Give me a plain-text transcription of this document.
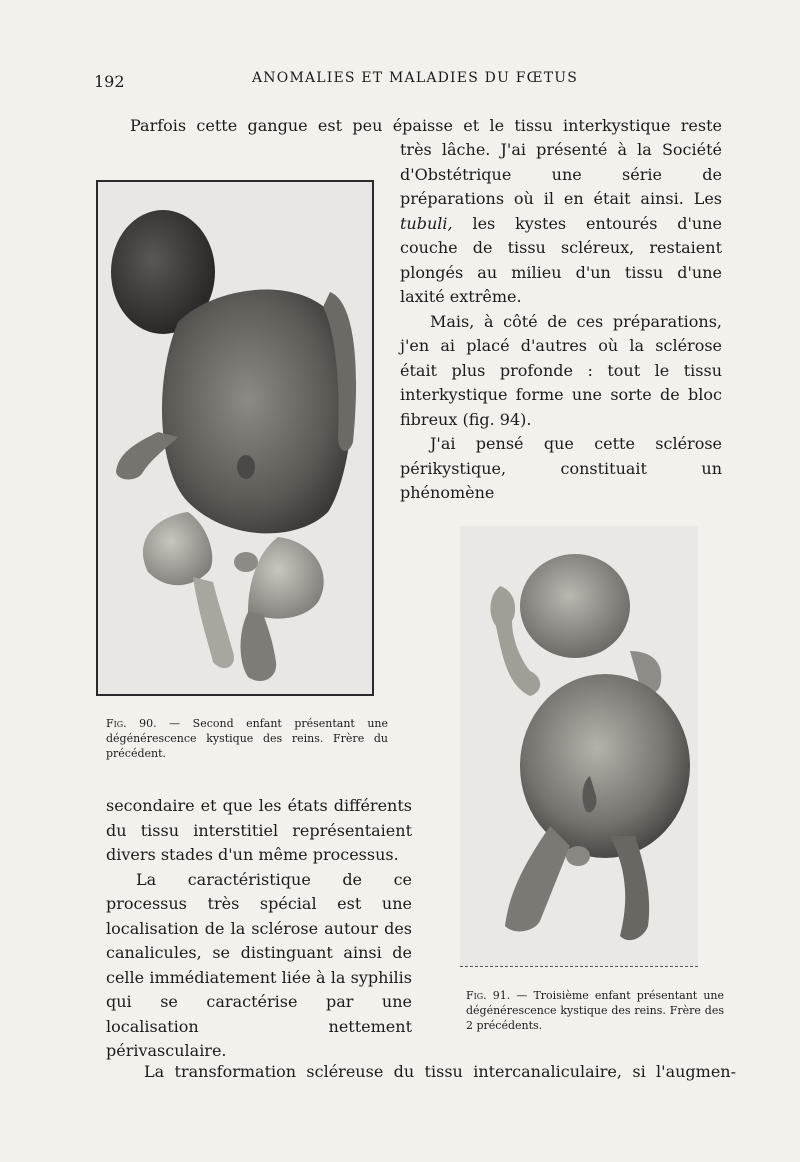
192	ANOMALIES ET MALADIES DU FŒTUS
Parfois cette gangue est peu épaisse et le tissu interkystique reste

très lâche. J'ai présenté à la Société d'Obstétrique une série de préparations où il en était ainsi. Les tubuli, les kystes entourés d'une couche de tissu scléreux, restaient plongés au milieu d'un tissu d'une laxité extrême.

Mais, à côté de ces préparations, j'en ai placé d'autres où la sclérose était plus profonde : tout le tissu interkystique forme une sorte de bloc fibreux (fig. 94).

J'ai pensé que cette sclérose périkystique, constituait un phénomène

Fig. 90. — Second enfant présentant une dégénérescence kystique des reins. Frère du précédent.
Fig. 91. — Troisième enfant présentant une dégénérescence kystique des reins. Frère des 2 précédents.

secondaire et que les états différents du tissu interstitiel représentaient divers stades d'un même processus.

La caractéristique de ce processus très spécial est une localisation de la sclérose autour des canalicules, se distinguant ainsi de celle immédiatement liée à la syphilis qui se caractérise par une localisation nettement périvasculaire.

La transformation scléreuse du tissu intercanaliculaire, si l'augmen-
